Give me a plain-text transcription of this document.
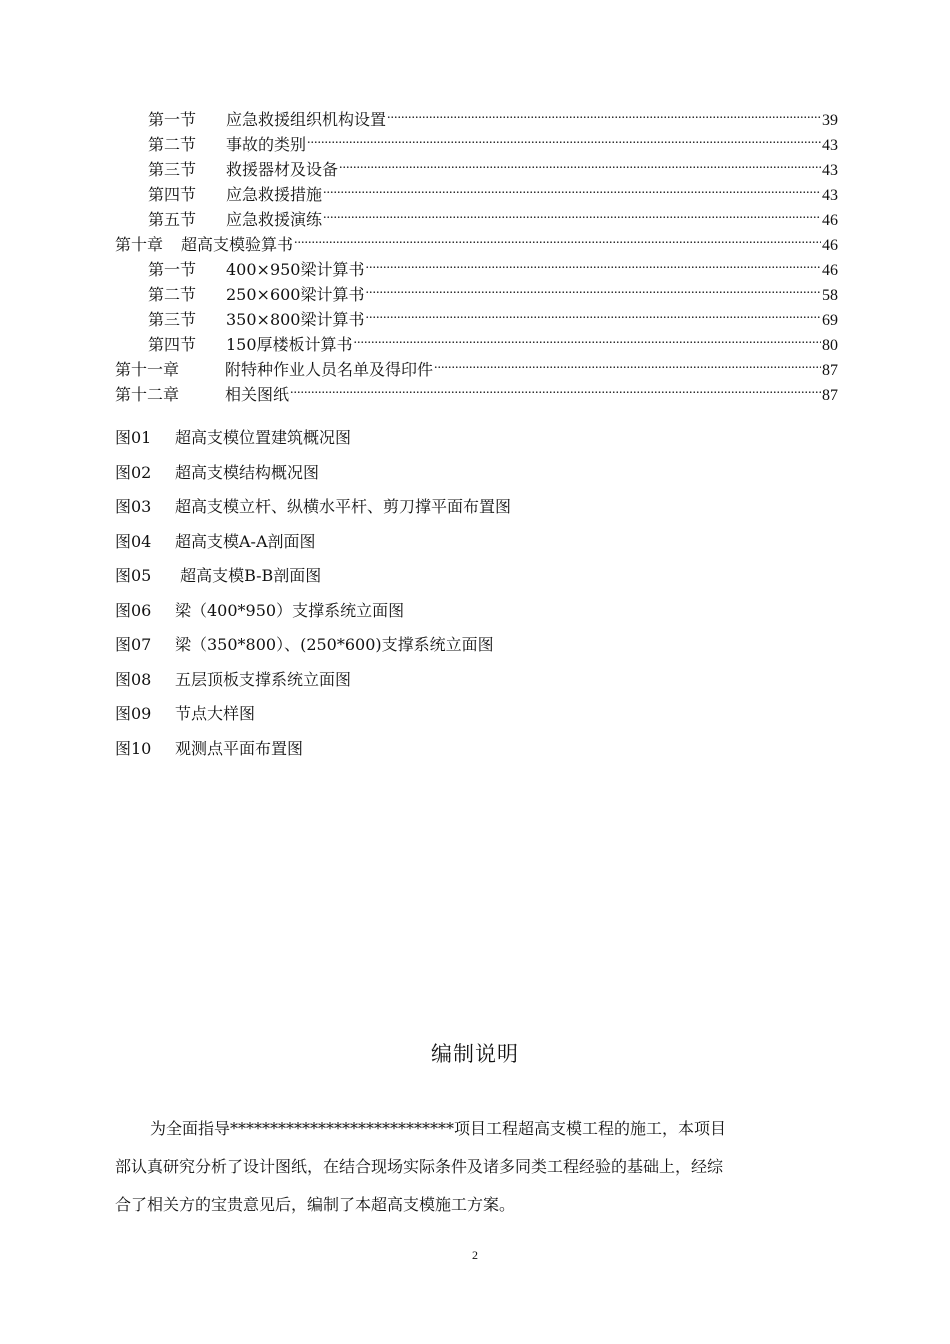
第一节	应急救援组织机构设置 .....	39
第二节	事故的类别 .....	43
第三节	救援器材及设备 .....	43
第四节	应急救援措施 .....	43
第五节	应急救援演练 .....	46
第十章	超高支模验算书 .....	46
第一节	400×950梁计算书 .....	46
第二节	250×600梁计算书 .....	58
第三节	350×800梁计算书 .....	69
第四节	150厚楼板计算书 .....	80
第十一章	附特种作业人员名单及得印件 .....	87
第十二章	相关图纸 .....	87
图01	超高支模位置建筑概况图
图02	超高支模结构概况图
图03	超高支模立杆、纵横水平杆、剪刀撑平面布置图
图04	超高支模A-A剖面图
图05	超高支模B-B剖面图
图06	梁（400*950）支撑系统立面图
图07	梁（350*800）、(250*600)支撑系统立面图
图08	五层顶板支撑系统立面图
图09	节点大样图
图10	观测点平面布置图
编制说明
为全面指导****************************项目工程超高支模工程的施工，本项目
部认真研究分析了设计图纸，在结合现场实际条件及诸多同类工程经验的基础上，经综
合了相关方的宝贵意见后，编制了本超高支模施工方案。
2
